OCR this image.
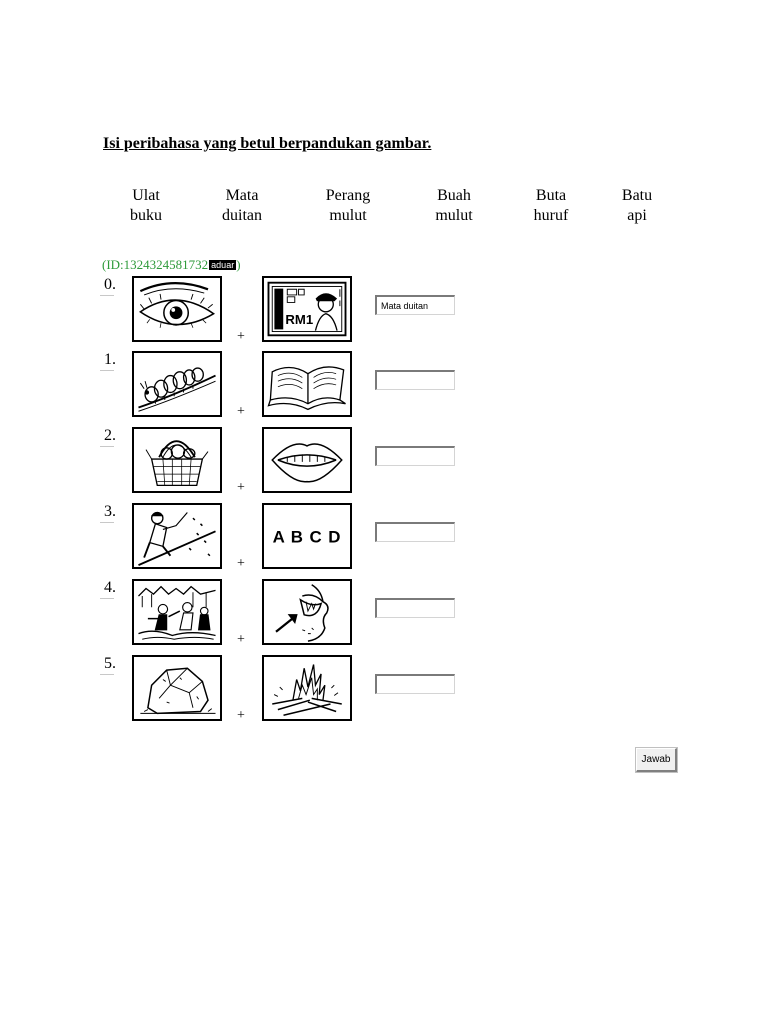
Isi peribahasa yang betul berpandukan gambar.
Ulat
buku
Mata
duitan
Perang
mulut
Buah
mulut
Buta
huruf
Batu
api
(ID:1324324581732 aduar )
0.
RM1
+
Mata duitan
1.
+
2.
+
3.
A B C D
+
4.
+
5.
+
Jawab
